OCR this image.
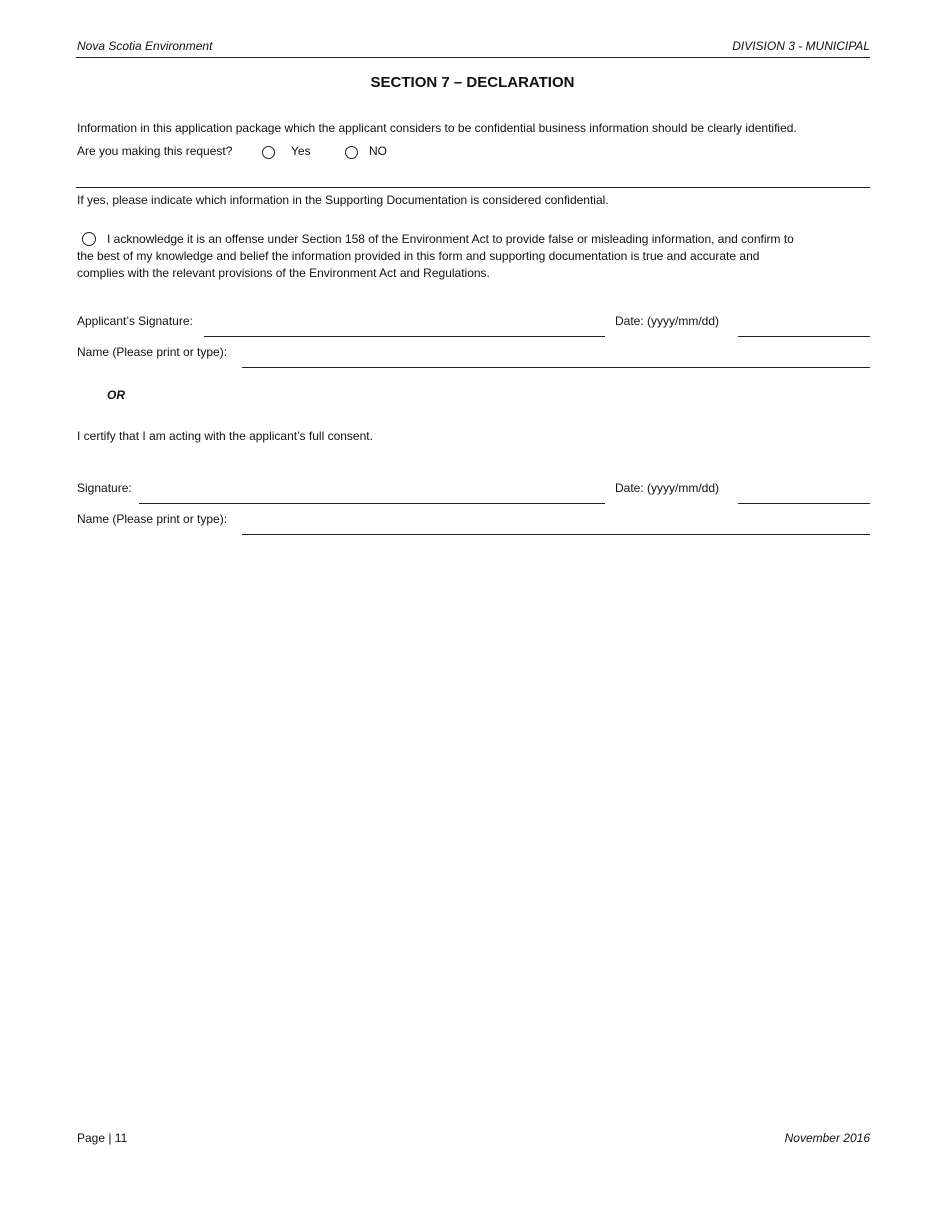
Nova Scotia Environment	DIVISION 3 - MUNICIPAL
SECTION 7 – DECLARATION
Information in this application package which the applicant considers to be confidential business information should be clearly identified.
Are you making this request?	Yes	NO
If yes, please indicate which information in the Supporting Documentation is considered confidential.
I acknowledge it is an offense under Section 158 of the Environment Act to provide false or misleading information, and confirm to
the best of my knowledge and belief the information provided in this form and supporting documentation is true and accurate and
complies with the relevant provisions of the Environment Act and Regulations.
Applicant’s Signature:	Date: (yyyy/mm/dd)
Name (Please print or type):
OR
I certify that I am acting with the applicant’s full consent.
Signature:	Date: (yyyy/mm/dd)
Name (Please print or type):
Page | 11	November 2016
